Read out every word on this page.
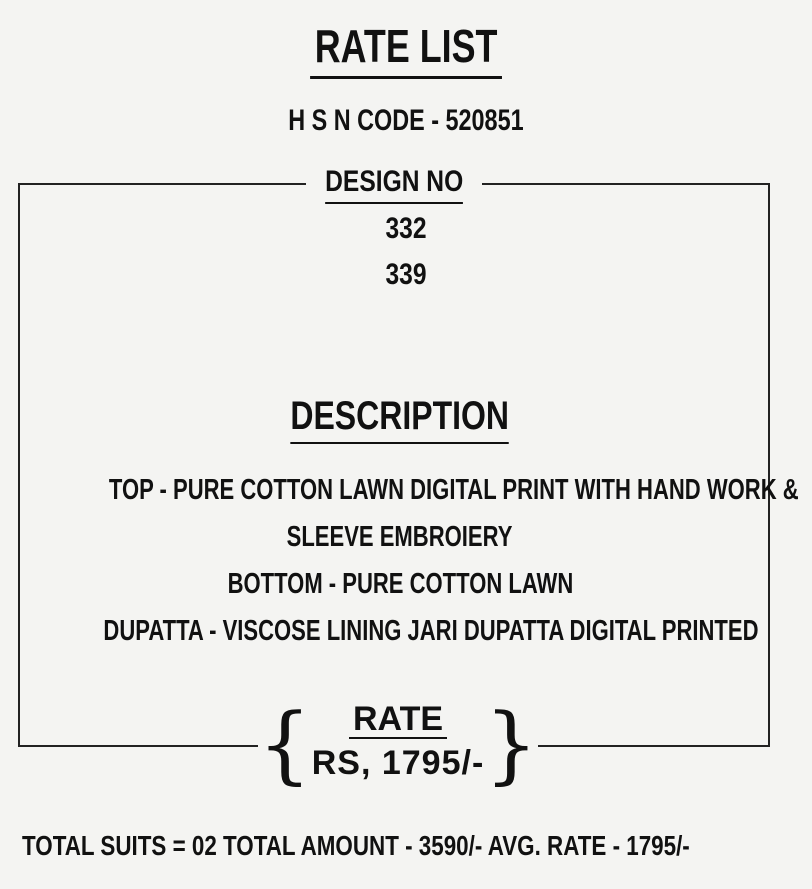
RATE LIST
H S N CODE - 520851
DESIGN NO
332
339
DESCRIPTION
TOP - PURE COTTON LAWN DIGITAL PRINT WITH HAND WORK &
SLEEVE EMBROIERY
BOTTOM - PURE COTTON LAWN
DUPATTA - VISCOSE LINING JARI DUPATTA DIGITAL PRINTED
{	RATE
RS, 1795/- }
TOTAL SUITS = 02 TOTAL AMOUNT - 3590/- AVG. RATE - 1795/-
